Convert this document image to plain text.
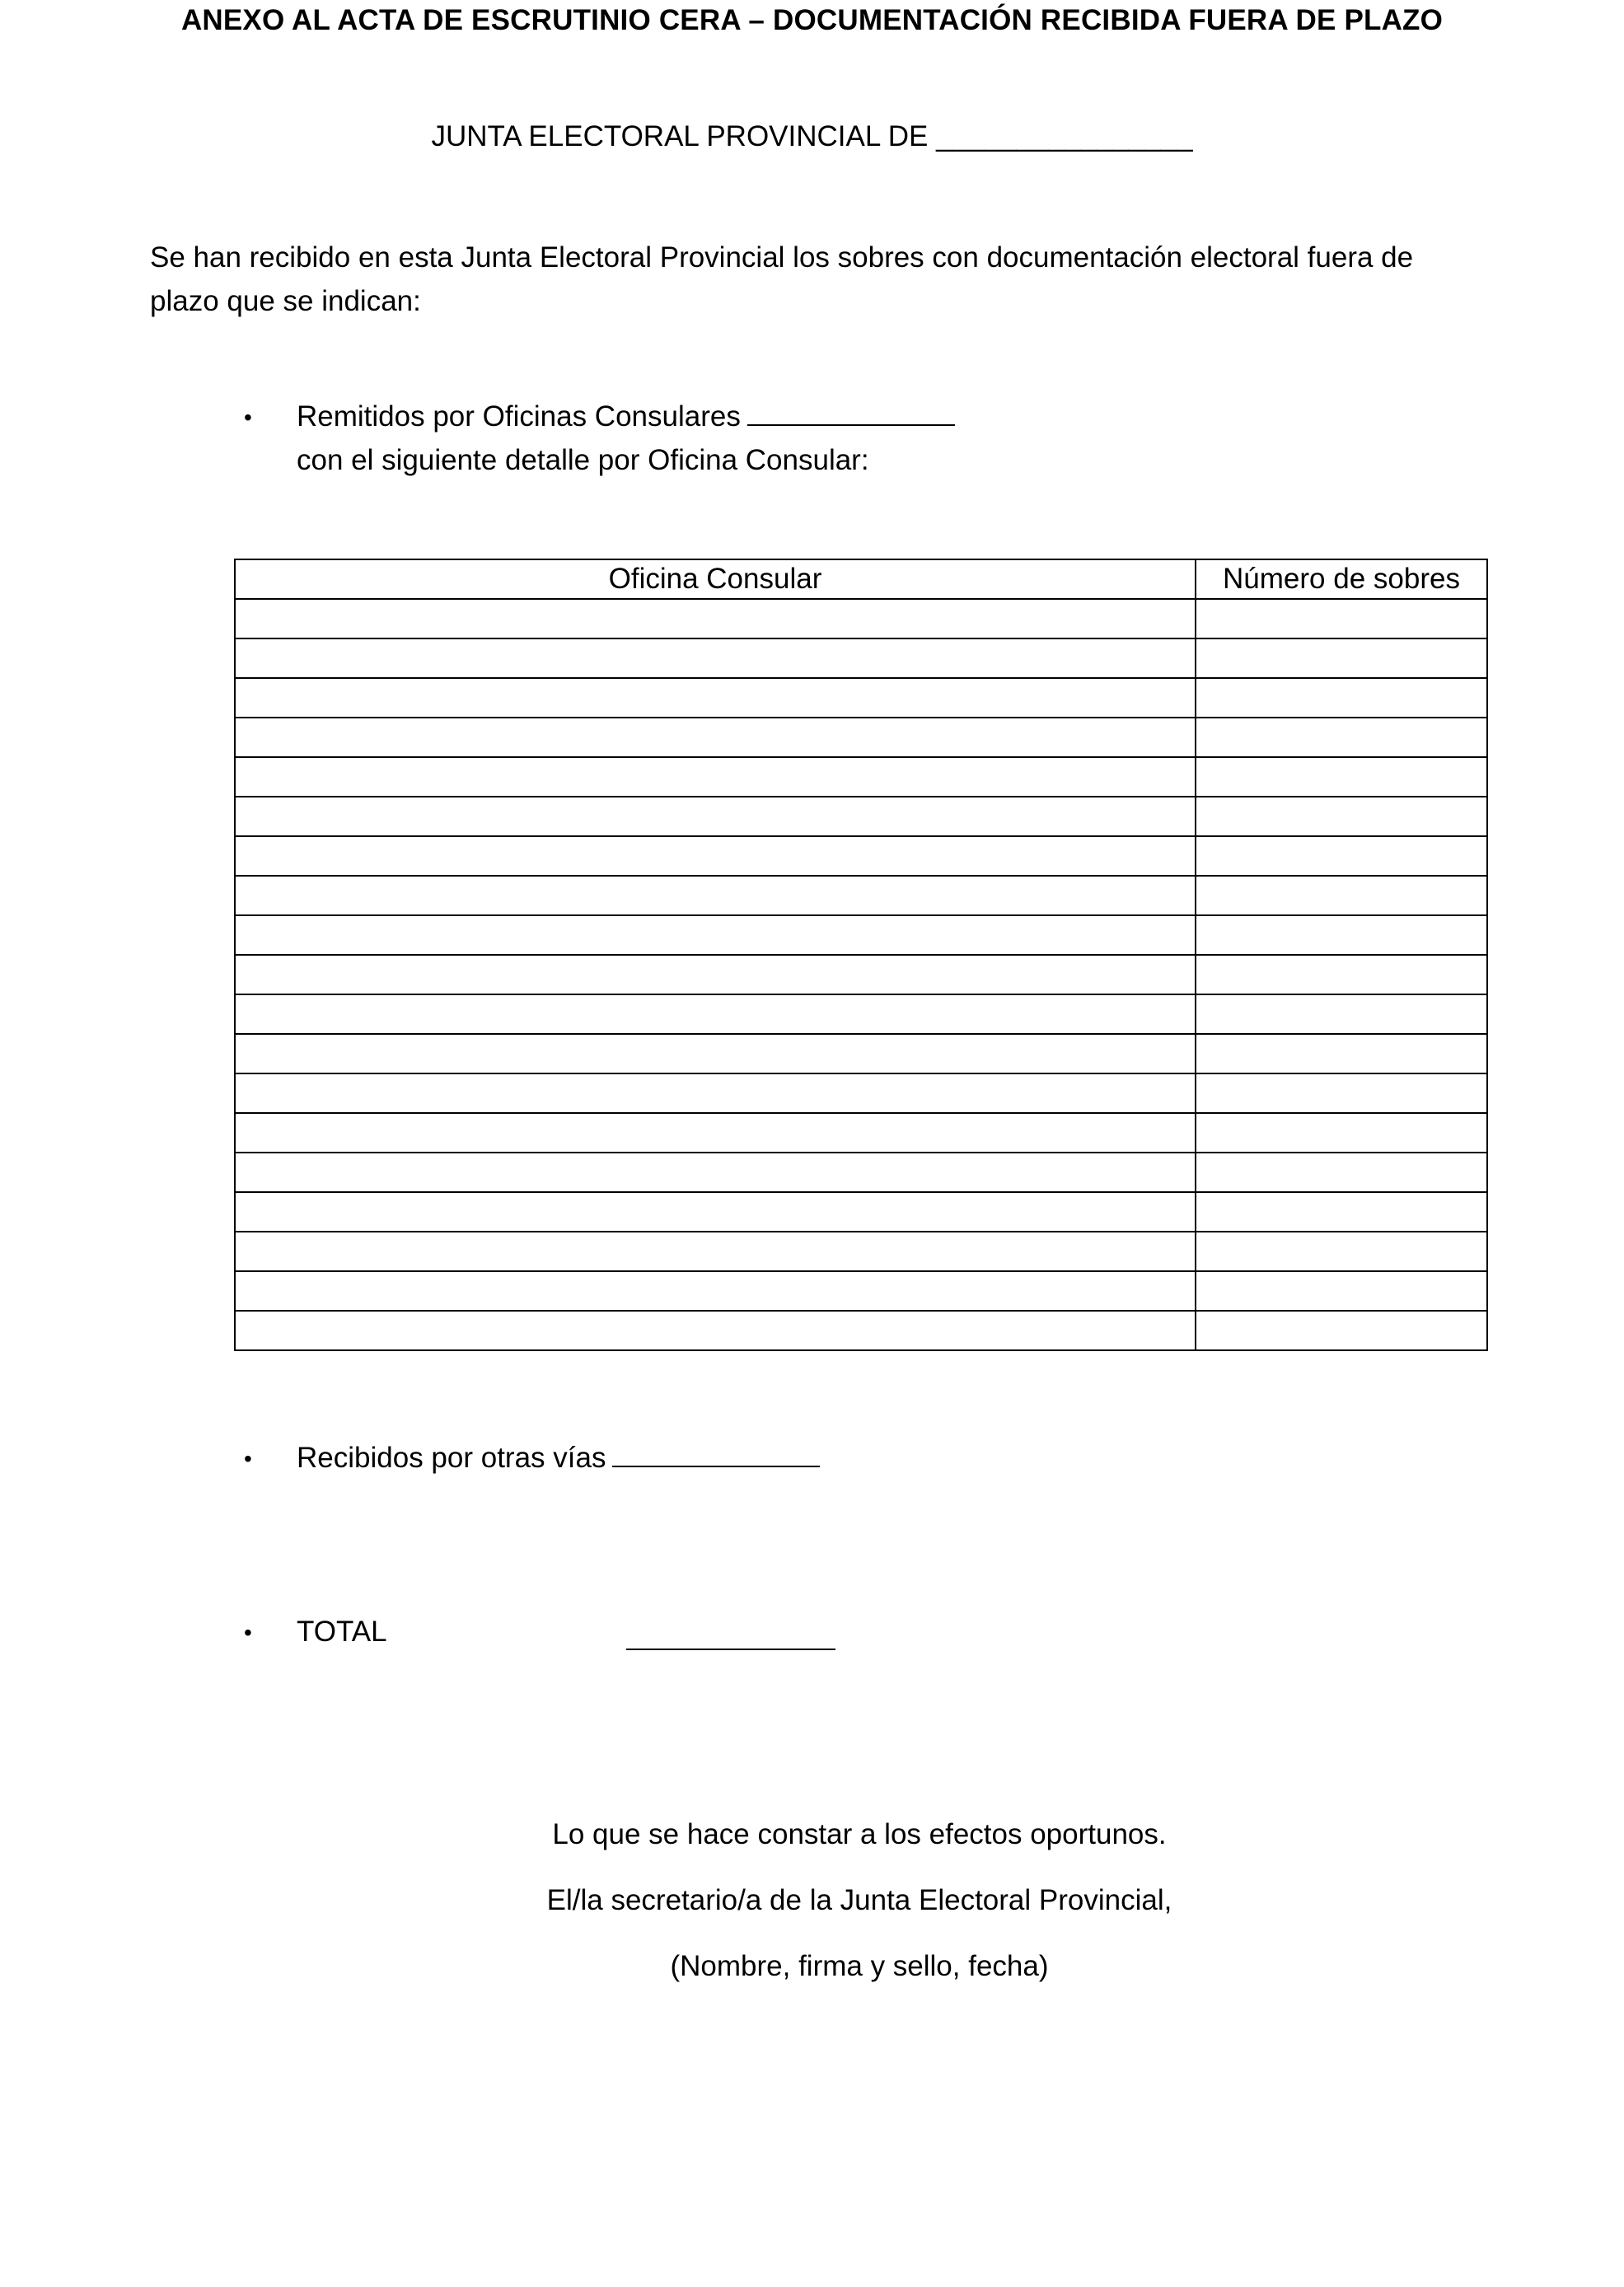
ANEXO AL ACTA DE ESCRUTINIO CERA – DOCUMENTACIÓN RECIBIDA FUERA DE PLAZO
JUNTA ELECTORAL PROVINCIAL DE ________________

Se han recibido en esta Junta Electoral Provincial los sobres con documentación electoral fuera de plazo que se indican:

• Remitidos por Oficinas Consulares
con el siguiente detalle por Oficina Consular:
Oficina Consular	Número de sobres

• Recibidos por otras vías
• TOTAL
Lo que se hace constar a los efectos oportunos.
El/la secretario/a de la Junta Electoral Provincial,
(Nombre, firma y sello, fecha)
